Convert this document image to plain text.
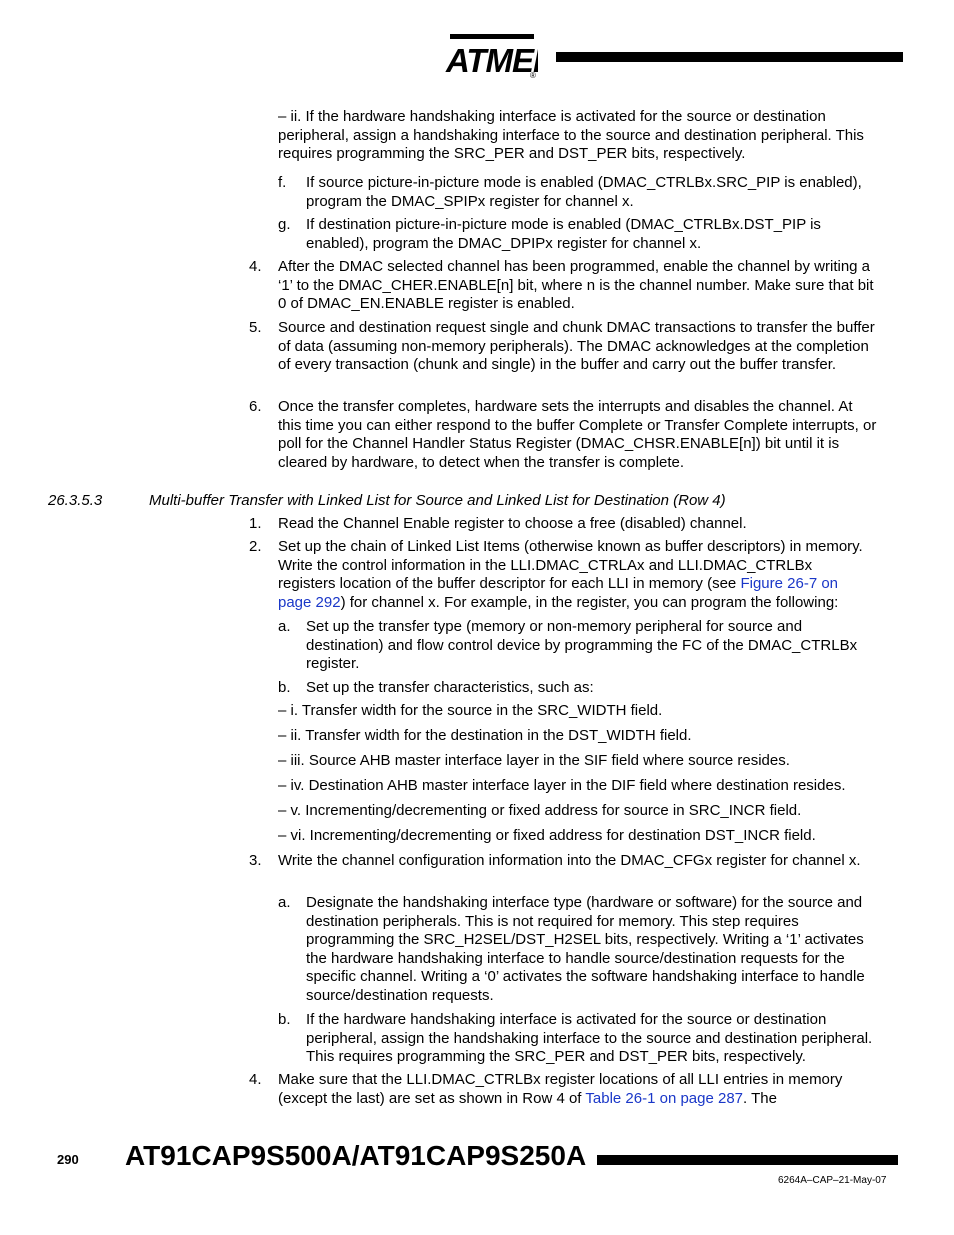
ATME
®
– ii. If the hardware handshaking interface is activated for the source or destination peripheral, assign a handshaking interface to the source and destination peripheral. This requires programming the SRC_PER and DST_PER bits, respectively.
f. If source picture-in-picture mode is enabled (DMAC_CTRLBx.SRC_PIP is enabled), program the DMAC_SPIPx register for channel x.
g. If destination picture-in-picture mode is enabled (DMAC_CTRLBx.DST_PIP is enabled), program the DMAC_DPIPx register for channel x.
4. After the DMAC selected channel has been programmed, enable the channel by writing a ‘1’ to the DMAC_CHER.ENABLE[n] bit, where n is the channel number. Make sure that bit 0 of DMAC_EN.ENABLE register is enabled.
5. Source and destination request single and chunk DMAC transactions to transfer the buffer of data (assuming non-memory peripherals). The DMAC acknowledges at the completion of every transaction (chunk and single) in the buffer and carry out the buffer transfer.
6. Once the transfer completes, hardware sets the interrupts and disables the channel. At this time you can either respond to the buffer Complete or Transfer Complete interrupts, or poll for the Channel Handler Status Register (DMAC_CHSR.ENABLE[n]) bit until it is cleared by hardware, to detect when the transfer is complete.
26.3.5.3	Multi-buffer Transfer with Linked List for Source and Linked List for Destination (Row 4)
1. Read the Channel Enable register to choose a free (disabled) channel.
2. Set up the chain of Linked List Items (otherwise known as buffer descriptors) in memory. Write the control information in the LLI.DMAC_CTRLAx and LLI.DMAC_CTRLBx registers location of the buffer descriptor for each LLI in memory (see Figure 26-7 on page 292) for channel x. For example, in the register, you can program the following:
a. Set up the transfer type (memory or non-memory peripheral for source and destination) and flow control device by programming the FC of the DMAC_CTRLBx register.
b. Set up the transfer characteristics, such as:
– i. Transfer width for the source in the SRC_WIDTH field.
– ii. Transfer width for the destination in the DST_WIDTH field.
– iii. Source AHB master interface layer in the SIF field where source resides.
– iv. Destination AHB master interface layer in the DIF field where destination resides.
– v. Incrementing/decrementing or fixed address for source in SRC_INCR field.
– vi. Incrementing/decrementing or fixed address for destination DST_INCR field.
3. Write the channel configuration information into the DMAC_CFGx register for channel x.
a. Designate the handshaking interface type (hardware or software) for the source and destination peripherals. This is not required for memory. This step requires programming the SRC_H2SEL/DST_H2SEL bits, respectively. Writing a ‘1’ activates the hardware handshaking interface to handle source/destination requests for the specific channel. Writing a ‘0’ activates the software handshaking interface to handle source/destination requests.
b. If the hardware handshaking interface is activated for the source or destination peripheral, assign the handshaking interface to the source and destination peripheral. This requires programming the SRC_PER and DST_PER bits, respectively.
4. Make sure that the LLI.DMAC_CTRLBx register locations of all LLI entries in memory (except the last) are set as shown in Row 4 of Table 26-1 on page 287. The
290 AT91CAP9S500A/AT91CAP9S250A
6264A–CAP–21-May-07
